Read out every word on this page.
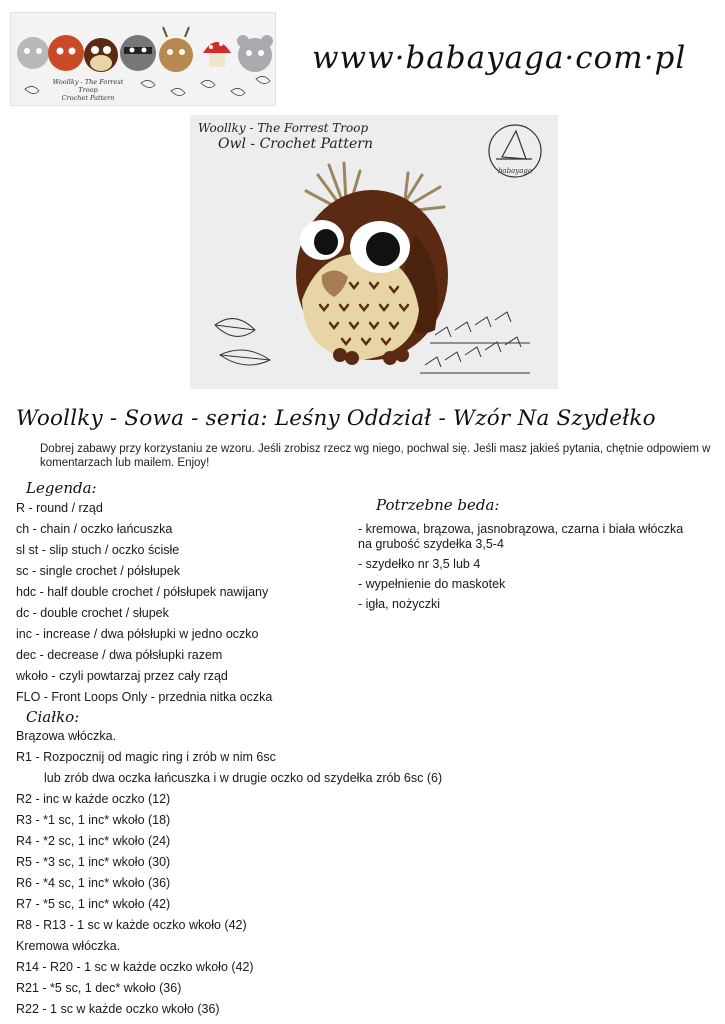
Woollky - The Forrest Troop
Crochet Pattern
www·babayaga·com·pl
Woollky - The Forrest Troop
Owl - Crochet Pattern
babayaga
Woollky - Sowa - seria: Leśny Oddział - Wzór Na Szydełko
Dobrej zabawy przy korzystaniu ze wzoru. Jeśli zrobisz rzecz wg niego, pochwal się. Jeśli masz jakieś pytania, chętnie odpowiem w komentarzach lub mailem. Enjoy!
Legenda:
R - round / rząd
ch - chain / oczko łańcuszka
sl st - slip stuch / oczko ścisłe
sc - single crochet / półsłupek
hdc - half double crochet / półsłupek nawijany
dc - double crochet / słupek
inc - increase / dwa półsłupki w jedno oczko
dec - decrease / dwa półsłupki razem
wkoło - czyli powtarzaj przez cały rząd
FLO - Front Loops Only - przednia nitka oczka
Potrzebne beda:
- kremowa, brązowa, jasnobrązowa, czarna i biała włóczka na grubość szydełka 3,5-4
- szydełko nr 3,5 lub 4
- wypełnienie do maskotek
- igła, nożyczki
Ciałko:
Brązowa włóczka.
R1 - Rozpocznij od magic ring i zrób w nim 6sc
lub zrób dwa oczka łańcuszka i w drugie oczko od szydełka zrób 6sc (6)
R2 - inc w każde oczko (12)
R3 - *1 sc, 1 inc* wkoło (18)
R4 - *2 sc, 1 inc* wkoło (24)
R5 - *3 sc, 1 inc* wkoło (30)
R6 - *4 sc, 1 inc* wkoło (36)
R7 - *5 sc, 1 inc* wkoło (42)
R8 - R13 - 1 sc w każde oczko wkoło (42)
Kremowa włóczka.
R14 - R20 - 1 sc w każde oczko wkoło (42)
R21 - *5 sc, 1 dec* wkoło (36)
R22 - 1 sc w każde oczko wkoło (36)
